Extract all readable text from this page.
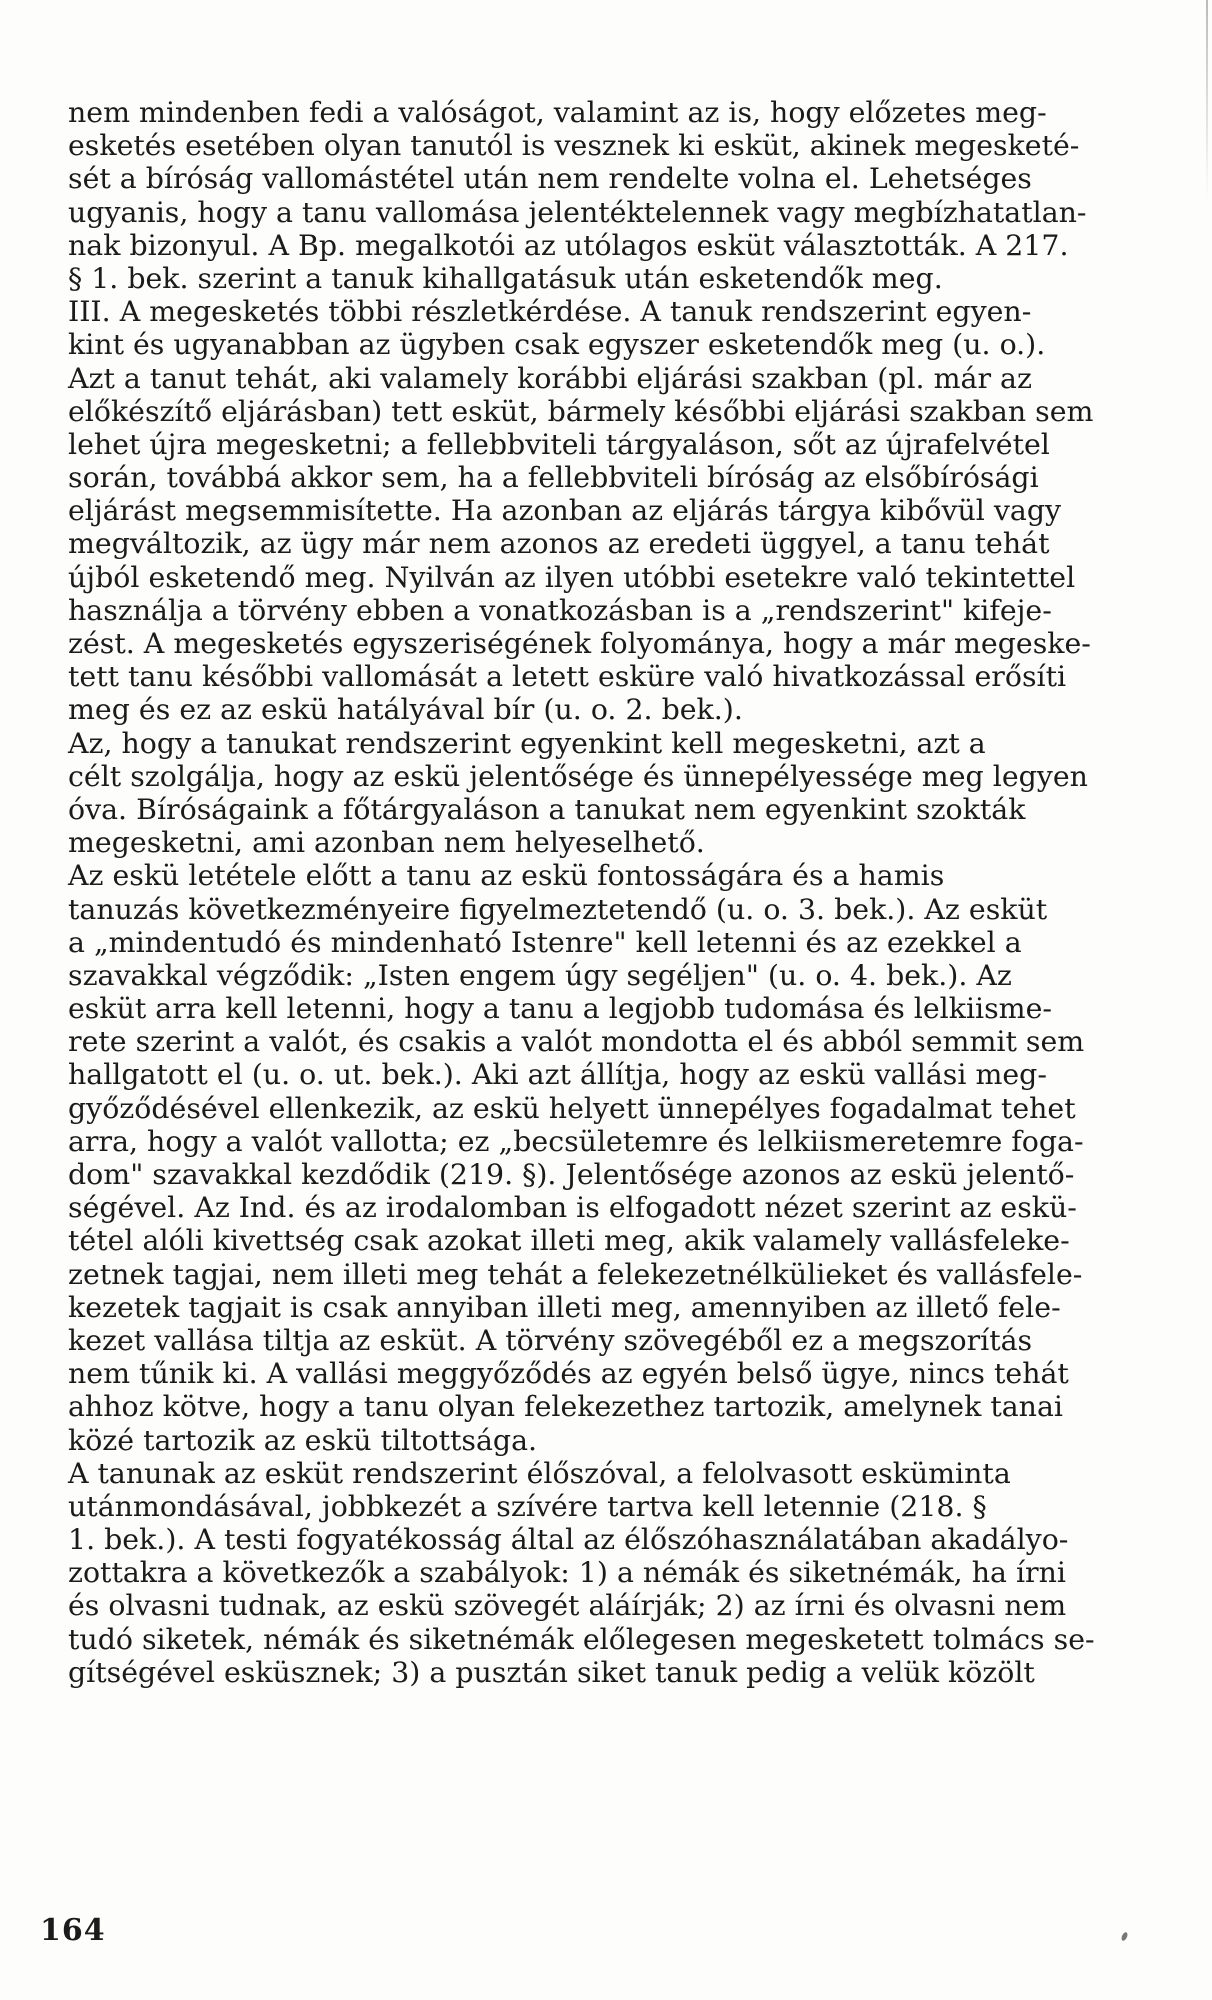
nem mindenben fedi a valóságot, valamint az is, hogy előzetes meg-
esketés esetében olyan tanutól is vesznek ki esküt, akinek megesketé-
sét a bíróság vallomástétel után nem rendelte volna el. Lehetséges
ugyanis, hogy a tanu vallomása jelentéktelennek vagy megbízhatatlan-
nak bizonyul. A Bp. megalkotói az utólagos esküt választották. A 217.
§ 1. bek. szerint a tanuk kihallgatásuk után esketendők meg.
III. A megesketés többi részletkérdése. A tanuk rendszerint egyen-
kint és ugyanabban az ügyben csak egyszer esketendők meg (u. o.).
Azt a tanut tehát, aki valamely korábbi eljárási szakban (pl. már az
előkészítő eljárásban) tett esküt, bármely későbbi eljárási szakban sem
lehet újra megesketni; a fellebbviteli tárgyaláson, sőt az újrafelvétel
során, továbbá akkor sem, ha a fellebbviteli bíróság az elsőbírósági
eljárást megsemmisítette. Ha azonban az eljárás tárgya kibővül vagy
megváltozik, az ügy már nem azonos az eredeti üggyel, a tanu tehát
újból esketendő meg. Nyilván az ilyen utóbbi esetekre való tekintettel
használja a törvény ebben a vonatkozásban is a „rendszerint" kifeje-
zést. A megesketés egyszeriségének folyománya, hogy a már megeske-
tett tanu későbbi vallomását a letett esküre való hivatkozással erősíti
meg és ez az eskü hatályával bír (u. o. 2. bek.).
Az, hogy a tanukat rendszerint egyenkint kell megesketni, azt a
célt szolgálja, hogy az eskü jelentősége és ünnepélyessége meg legyen
óva. Bíróságaink a főtárgyaláson a tanukat nem egyenkint szokták
megesketni, ami azonban nem helyeselhető.
Az eskü letétele előtt a tanu az eskü fontosságára és a hamis
tanuzás következményeire figyelmeztetendő (u. o. 3. bek.). Az esküt
a „mindentudó és mindenható Istenre" kell letenni és az ezekkel a
szavakkal végződik: „Isten engem úgy segéljen" (u. o. 4. bek.). Az
esküt arra kell letenni, hogy a tanu a legjobb tudomása és lelkiisme-
rete szerint a valót, és csakis a valót mondotta el és abból semmit sem
hallgatott el (u. o. ut. bek.). Aki azt állítja, hogy az eskü vallási meg-
győződésével ellenkezik, az eskü helyett ünnepélyes fogadalmat tehet
arra, hogy a valót vallotta; ez „becsületemre és lelkiismeretemre foga-
dom" szavakkal kezdődik (219. §). Jelentősége azonos az eskü jelentő-
ségével. Az Ind. és az irodalomban is elfogadott nézet szerint az eskü-
tétel alóli kivettség csak azokat illeti meg, akik valamely vallásfeleke-
zetnek tagjai, nem illeti meg tehát a felekezetnélkülieket és vallásfele-
kezetek tagjait is csak annyiban illeti meg, amennyiben az illető fele-
kezet vallása tiltja az esküt. A törvény szövegéből ez a megszorítás
nem tűnik ki. A vallási meggyőződés az egyén belső ügye, nincs tehát
ahhoz kötve, hogy a tanu olyan felekezethez tartozik, amelynek tanai
közé tartozik az eskü tiltottsága.
A tanunak az esküt rendszerint élőszóval, a felolvasott esküminta
utánmondásával, jobbkezét a szívére tartva kell letennie (218. §
1. bek.). A testi fogyatékosság által az élőszóhasználatában akadályo-
zottakra a következők a szabályok: 1) a némák és siketnémák, ha írni
és olvasni tudnak, az eskü szövegét aláírják; 2) az írni és olvasni nem
tudó siketek, némák és siketnémák előlegesen megesketett tolmács se-
gítségével esküsznek; 3) a pusztán siket tanuk pedig a velük közölt
164
